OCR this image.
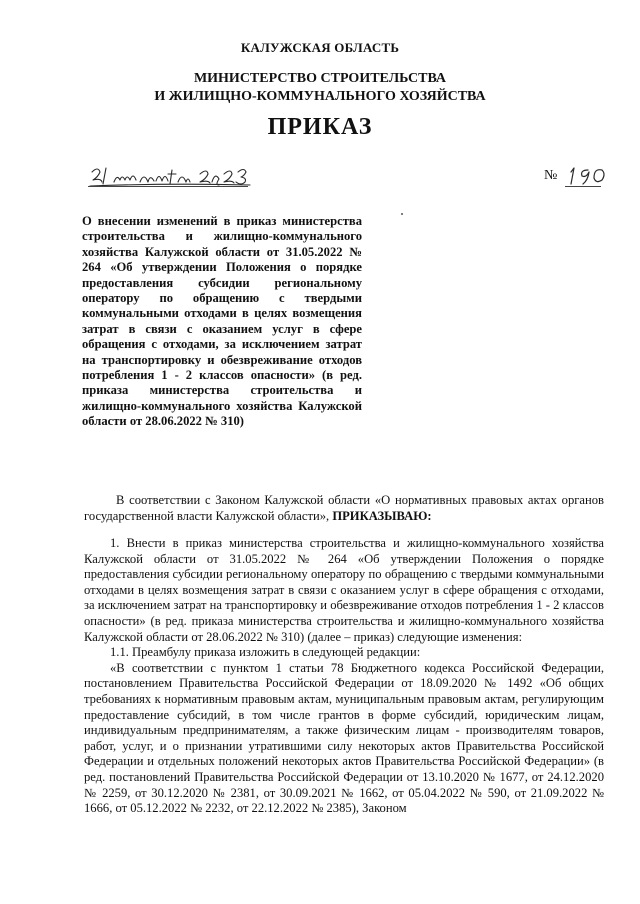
КАЛУЖСКАЯ ОБЛАСТЬ
МИНИСТЕРСТВО СТРОИТЕЛЬСТВА
И ЖИЛИЩНО-КОММУНАЛЬНОГО ХОЗЯЙСТВА
ПРИКАЗ
№
О внесении изменений в приказ министерства строительства и жилищно-коммунального хозяйства Калужской области от 31.05.2022 № 264 «Об утверждении Положения о порядке предоставления субсидии региональному оператору по обращению с твердыми коммунальными отходами в целях возмещения затрат в связи с оказанием услуг в сфере обращения с отходами, за исключением затрат на транспортировку и обезвреживание отходов потребления 1 - 2 классов опасности» (в ред. приказа министерства строительства и жилищно-коммунального хозяйства Калужской области от 28.06.2022 № 310)
В соответствии с Законом Калужской области «О нормативных правовых актах органов государственной власти Калужской области», ПРИКАЗЫВАЮ:

1. Внести в приказ министерства строительства и жилищно-коммунального хозяйства Калужской области от 31.05.2022 № 264 «Об утверждении Положения о порядке предоставления субсидии региональному оператору по обращению с твердыми коммунальными отходами в целях возмещения затрат в связи с оказанием услуг в сфере обращения с отходами, за исключением затрат на транспортировку и обезвреживание отходов потребления 1 - 2 классов опасности» (в ред. приказа министерства строительства и жилищно-коммунального хозяйства Калужской области от 28.06.2022 № 310) (далее – приказ) следующие изменения:

1.1. Преамбулу приказа изложить в следующей редакции:

«В соответствии с пунктом 1 статьи 78 Бюджетного кодекса Российской Федерации, постановлением Правительства Российской Федерации от 18.09.2020 № 1492 «Об общих требованиях к нормативным правовым актам, муниципальным правовым актам, регулирующим предоставление субсидий, в том числе грантов в форме субсидий, юридическим лицам, индивидуальным предпринимателям, а также физическим лицам - производителям товаров, работ, услуг, и о признании утратившими силу некоторых актов Правительства Российской Федерации и отдельных положений некоторых актов Правительства Российской Федерации» (в ред. постановлений Правительства Российской Федерации от 13.10.2020 № 1677, от 24.12.2020 № 2259, от 30.12.2020 № 2381, от 30.09.2021 № 1662, от 05.04.2022 № 590, от 21.09.2022 № 1666, от 05.12.2022 № 2232, от 22.12.2022 № 2385), Законом
